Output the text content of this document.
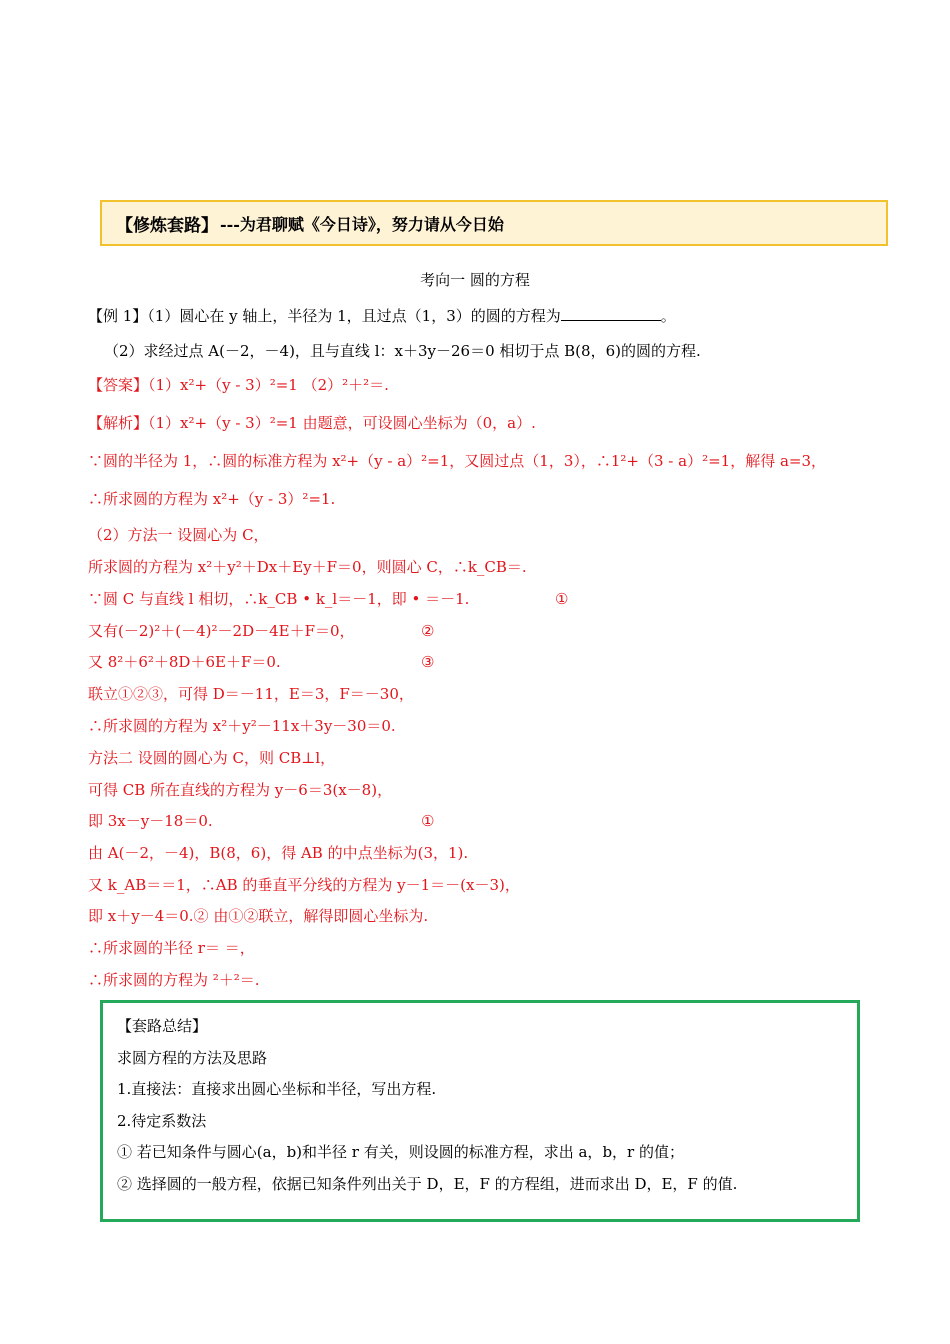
【修炼套路】 ---为君聊赋《今日诗》，努力请从今日始
考向一 圆的方程
【例 1】（1）圆心在 y 轴上，半径为 1，且过点（1，3）的圆的方程为	。
（2）求经过点 A(－2，－4)，且与直线 l：x＋3y－26＝0 相切于点 B(8，6)的圆的方程.
【答案】（1）x²+（y - 3）²=1 （2）²＋²＝.
【解析】（1）x²+（y - 3）²=1 由题意，可设圆心坐标为（0，a）.
∵圆的半径为 1，∴圆的标准方程为 x²+（y - a）²=1，又圆过点（1，3），∴1²+（3 - a）²=1，解得 a=3，
∴所求圆的方程为 x²+（y - 3）²=1.
（2）方法一 设圆心为 C，
所求圆的方程为 x²＋y²＋Dx＋Ey＋F＝0，则圆心 C，∴k_CB＝.
∵圆 C 与直线 l 相切，∴k_CB • k_l＝－1，即 • ＝－1.	①
又有(－2)²＋(－4)²－2D－4E＋F＝0，	②
又 8²＋6²＋8D＋6E＋F＝0.	③
联立①②③，可得 D＝－11，E＝3，F＝－30，
∴所求圆的方程为 x²＋y²－11x＋3y－30＝0.
方法二 设圆的圆心为 C，则 CB⊥l，
可得 CB 所在直线的方程为 y－6＝3(x－8)，
即 3x－y－18＝0.	①
由 A(－2，－4)，B(8，6)，得 AB 的中点坐标为(3，1).
又 k_AB＝＝1，∴AB 的垂直平分线的方程为 y－1＝－(x－3)，
即 x＋y－4＝0.② 由①②联立，解得即圆心坐标为.
∴所求圆的半径 r＝ ＝，
∴所求圆的方程为 ²＋²＝.
【套路总结】
求圆方程的方法及思路
1.直接法：直接求出圆心坐标和半径，写出方程.
2.待定系数法
① 若已知条件与圆心(a，b)和半径 r 有关，则设圆的标准方程，求出 a，b，r 的值；
② 选择圆的一般方程，依据已知条件列出关于 D，E，F 的方程组，进而求出 D，E，F 的值.
